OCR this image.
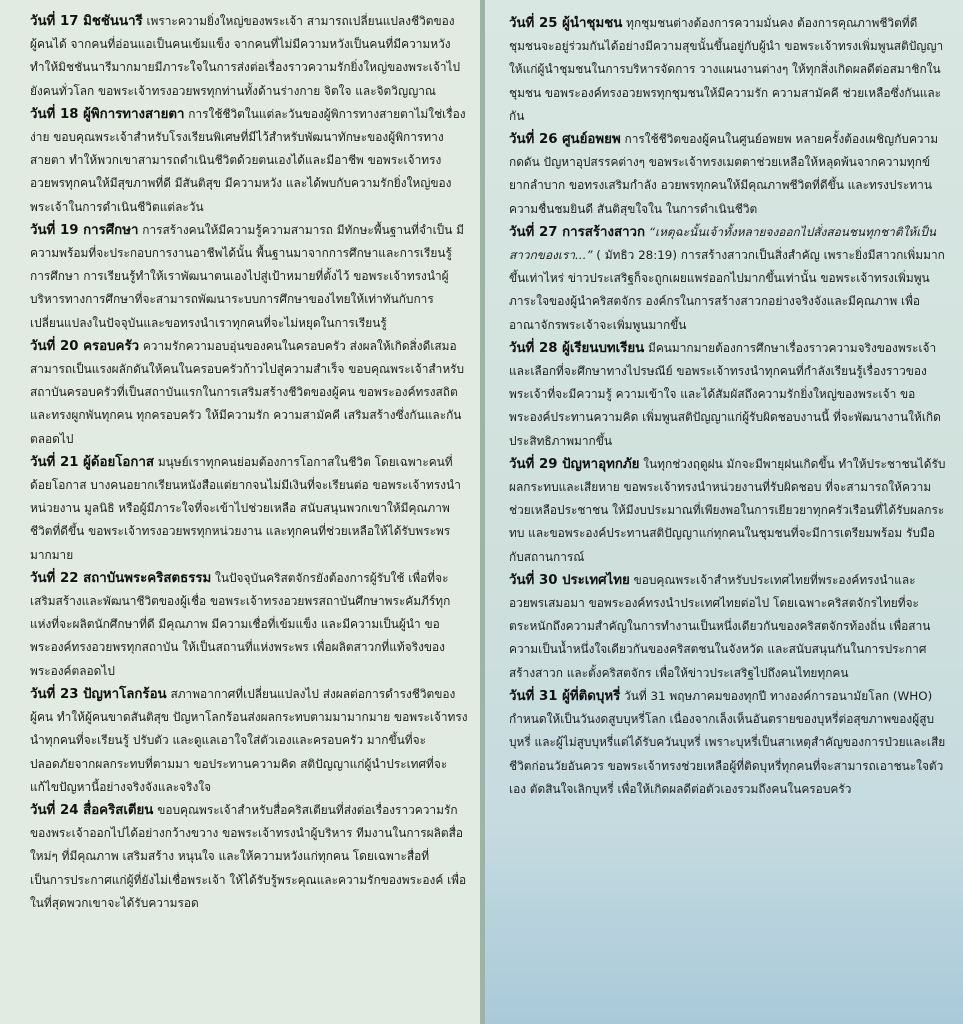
วันที่ 17 มิชชันนารี เพราะความยิ่งใหญ่ของพระเจ้า สามารถเปลี่ยนแปลงชีวิตของผู้คนได้ จากคนที่อ่อนแอเป็นคนเข้มแข็ง จากคนที่ไม่มีความหวังเป็นคนที่มีความหวัง ทำให้มิชชันนารีมากมายมีภาระใจในการส่งต่อเรื่องราวความรักยิ่งใหญ่ของพระเจ้าไปยังคนทั่วโลก ขอพระเจ้าทรงอวยพรทุกท่านทั้งด้านร่างกาย จิตใจ และจิตวิญญาณ

วันที่ 18 ผู้พิการทางสายตา การใช้ชีวิตในแต่ละวันของผู้พิการทางสายตาไม่ใช่เรื่องง่าย ขอบคุณพระเจ้าสำหรับโรงเรียนพิเศษที่มีไว้สำหรับพัฒนาทักษะของผู้พิการทางสายตา ทำให้พวกเขาสามารถดำเนินชีวิตด้วยตนเองได้และมีอาชีพ ขอพระเจ้าทรงอวยพรทุกคนให้มีสุขภาพที่ดี มีสันติสุข มีความหวัง และได้พบกับความรักยิ่งใหญ่ของพระเจ้าในการดำเนินชีวิตแต่ละวัน

วันที่ 19 การศึกษา การสร้างคนให้มีความรู้ความสามารถ มีทักษะพื้นฐานที่จำเป็น มีความพร้อมที่จะประกอบการงานอาชีพได้นั้น พื้นฐานมาจากการศึกษาและการเรียนรู้ การศึกษา การเรียนรู้ทำให้เราพัฒนาตนเองไปสู่เป้าหมายที่ตั้งไว้ ขอพระเจ้าทรงนำผู้บริหารทางการศึกษาที่จะสามารถพัฒนาระบบการศึกษาของไทยให้เท่าทันกับการเปลี่ยนแปลงในปัจจุบันและขอทรงนำเราทุกคนที่จะไม่หยุดในการเรียนรู้

วันที่ 20 ครอบครัว ความรักความอบอุ่นของคนในครอบครัว ส่งผลให้เกิดสิ่งดีเสมอ สามารถเป็นแรงผลักดันให้คนในครอบครัวก้าวไปสู่ความสำเร็จ ขอบคุณพระเจ้าสำหรับสถาบันครอบครัวที่เป็นสถาบันแรกในการเสริมสร้างชีวิตของผู้คน ขอพระองค์ทรงสถิตและทรงผูกพันทุกคน ทุกครอบครัว ให้มีความรัก ความสามัคคี เสริมสร้างซึ่งกันและกันตลอดไป

วันที่ 21 ผู้ด้อยโอกาส มนุษย์เราทุกคนย่อมต้องการโอกาสในชีวิต โดยเฉพาะคนที่ด้อยโอกาส บางคนอยากเรียนหนังสือแต่ยากจนไม่มีเงินที่จะเรียนต่อ ขอพระเจ้าทรงนำหน่วยงาน มูลนิธิ หรือผู้มีภาระใจที่จะเข้าไปช่วยเหลือ สนับสนุนพวกเขาให้มีคุณภาพชีวิตที่ดีขึ้น ขอพระเจ้าทรงอวยพรทุกหน่วยงาน และทุกคนที่ช่วยเหลือให้ได้รับพระพรมากมาย

วันที่ 22 สถาบันพระคริสตธรรม ในปัจจุบันคริสตจักรยังต้องการผู้รับใช้ เพื่อที่จะเสริมสร้างและพัฒนาชีวิตของผู้เชื่อ ขอพระเจ้าทรงอวยพรสถาบันศึกษาพระคัมภีร์ทุกแห่งที่จะผลิตนักศึกษาที่ดี มีคุณภาพ มีความเชื่อที่เข้มแข็ง และมีความเป็นผู้นำ ขอพระองค์ทรงอวยพรทุกสถาบัน ให้เป็นสถานที่แห่งพระพร เพื่อผลิตสาวกที่แท้จริงของพระองค์ตลอดไป

วันที่ 23 ปัญหาโลกร้อน สภาพอากาศที่เปลี่ยนแปลงไป ส่งผลต่อการดำรงชีวิตของผู้คน ทำให้ผู้คนขาดสันติสุข ปัญหาโลกร้อนส่งผลกระทบตามมามากมาย ขอพระเจ้าทรงนำทุกคนที่จะเรียนรู้ ปรับตัว และดูแลเอาใจใส่ตัวเองและครอบครัว มากขึ้นที่จะปลอดภัยจากผลกระทบที่ตามมา ขอประทานความคิด สติปัญญาแก่ผู้นำประเทศที่จะแก้ไขปัญหานี้อย่างจริงจังและจริงใจ

วันที่ 24 สื่อคริสเตียน ขอบคุณพระเจ้าสำหรับสื่อคริสเตียนที่ส่งต่อเรื่องราวความรักของพระเจ้าออกไปได้อย่างกว้างขวาง ขอพระเจ้าทรงนำผู้บริหาร ทีมงานในการผลิตสื่อใหม่ๆ ที่มีคุณภาพ เสริมสร้าง หนุนใจ และให้ความหวังแก่ทุกคน โดยเฉพาะสื่อที่เป็นการประกาศแก่ผู้ที่ยังไม่เชื่อพระเจ้า ให้ได้รับรู้พระคุณและความรักของพระองค์ เพื่อในที่สุดพวกเขาจะได้รับความรอด

วันที่ 25 ผู้นำชุมชน ทุกชุมชนต่างต้องการความมั่นคง ต้องการคุณภาพชีวิตที่ดีชุมชนจะอยู่ร่วมกันได้อย่างมีความสุขนั้นขึ้นอยู่กับผู้นำ ขอพระเจ้าทรงเพิ่มพูนสติปัญญาให้แก่ผู้นำชุมชนในการบริหารจัดการ วางแผนงานต่างๆ ให้ทุกสิ่งเกิดผลดีต่อสมาชิกในชุมชน ขอพระองค์ทรงอวยพรทุกชุมชนให้มีความรัก ความสามัคคี ช่วยเหลือซึ่งกันและกัน

วันที่ 26 ศูนย์อพยพ การใช้ชีวิตของผู้คนในศูนย์อพยพ หลายครั้งต้องเผชิญกับความกดดัน ปัญหาอุปสรรคต่างๆ ขอพระเจ้าทรงเมตตาช่วยเหลือให้หลุดพ้นจากความทุกข์ยากลำบาก ขอทรงเสริมกำลัง อวยพรทุกคนให้มีคุณภาพชีวิตที่ดีขึ้น และทรงประทานความชื่นชมยินดี สันติสุขใจใน ในการดำเนินชีวิต

วันที่ 27 การสร้างสาวก “เหตุฉะนั้นเจ้าทั้งหลายจงออกไปสั่งสอนชนทุกชาติให้เป็นสาวกของเรา...” ( มัทธิว 28:19) การสร้างสาวกเป็นสิ่งสำคัญ เพราะยิ่งมีสาวกเพิ่มมากขึ้นเท่าไหร่ ข่าวประเสริฐก็จะถูกเผยแพร่ออกไปมากขึ้นเท่านั้น ขอพระเจ้าทรงเพิ่มพูนภาระใจของผู้นำคริสตจักร องค์กรในการสร้างสาวกอย่างจริงจังและมีคุณภาพ เพื่ออาณาจักรพระเจ้าจะเพิ่มพูนมากขึ้น

วันที่ 28 ผู้เรียนบทเรียน มีคนมากมายต้องการศึกษาเรื่องราวความจริงของพระเจ้า และเลือกที่จะศึกษาทางไปรษณีย์ ขอพระเจ้าทรงนำทุกคนที่กำลังเรียนรู้เรื่องราวของพระเจ้าที่จะมีความรู้ ความเข้าใจ และได้สัมผัสถึงความรักยิ่งใหญ่ของพระเจ้า ขอพระองค์ประทานความคิด เพิ่มพูนสติปัญญาแก่ผู้รับผิดชอบงานนี้ ที่จะพัฒนางานให้เกิดประสิทธิภาพมากขึ้น

วันที่ 29 ปัญหาอุทกภัย ในทุกช่วงฤดูฝน มักจะมีพายุฝนเกิดขึ้น ทำให้ประชาชนได้รับผลกระทบและเสียหาย ขอพระเจ้าทรงนำหน่วยงานที่รับผิดชอบ ที่จะสามารถให้ความช่วยเหลือประชาชน ให้มีงบประมาณที่เพียงพอในการเยียวยาทุกครัวเรือนที่ได้รับผลกระทบ และขอพระองค์ประทานสติปัญญาแก่ทุกคนในชุมชนที่จะมีการเตรียมพร้อม รับมือกับสถานการณ์

วันที่ 30 ประเทศไทย ขอบคุณพระเจ้าสำหรับประเทศไทยที่พระองค์ทรงนำและอวยพรเสมอมา ขอพระองค์ทรงนำประเทศไทยต่อไป โดยเฉพาะคริสตจักรไทยที่จะตระหนักถึงความสำคัญในการทำงานเป็นหนึ่งเดียวกันของคริสตจักรท้องถิ่น เพื่อสานความเป็นน้ำหนึ่งใจเดียวกันของคริสตชนในจังหวัด และสนับสนุนกันในการประกาศ สร้างสาวก และตั้งคริสตจักร เพื่อให้ข่าวประเสริฐไปถึงคนไทยทุกคน

วันที่ 31 ผู้ที่ติดบุหรี่ วันที่ 31 พฤษภาคมของทุกปี ทางองค์การอนามัยโลก (WHO) กำหนดให้เป็นวันงดสูบบุหรี่โลก เนื่องจากเล็งเห็นอันตรายของบุหรี่ต่อสุขภาพของผู้สูบบุหรี่ และผู้ไม่สูบบุหรี่แต่ได้รับควันบุหรี่ เพราะบุหรี่เป็นสาเหตุสำคัญของการป่วยและเสียชีวิตก่อนวัยอันควร ขอพระเจ้าทรงช่วยเหลือผู้ที่ติดบุหรี่ทุกคนที่จะสามารถเอาชนะใจตัวเอง ตัดสินใจเลิกบุหรี่ เพื่อให้เกิดผลดีต่อตัวเองรวมถึงคนในครอบครัว
